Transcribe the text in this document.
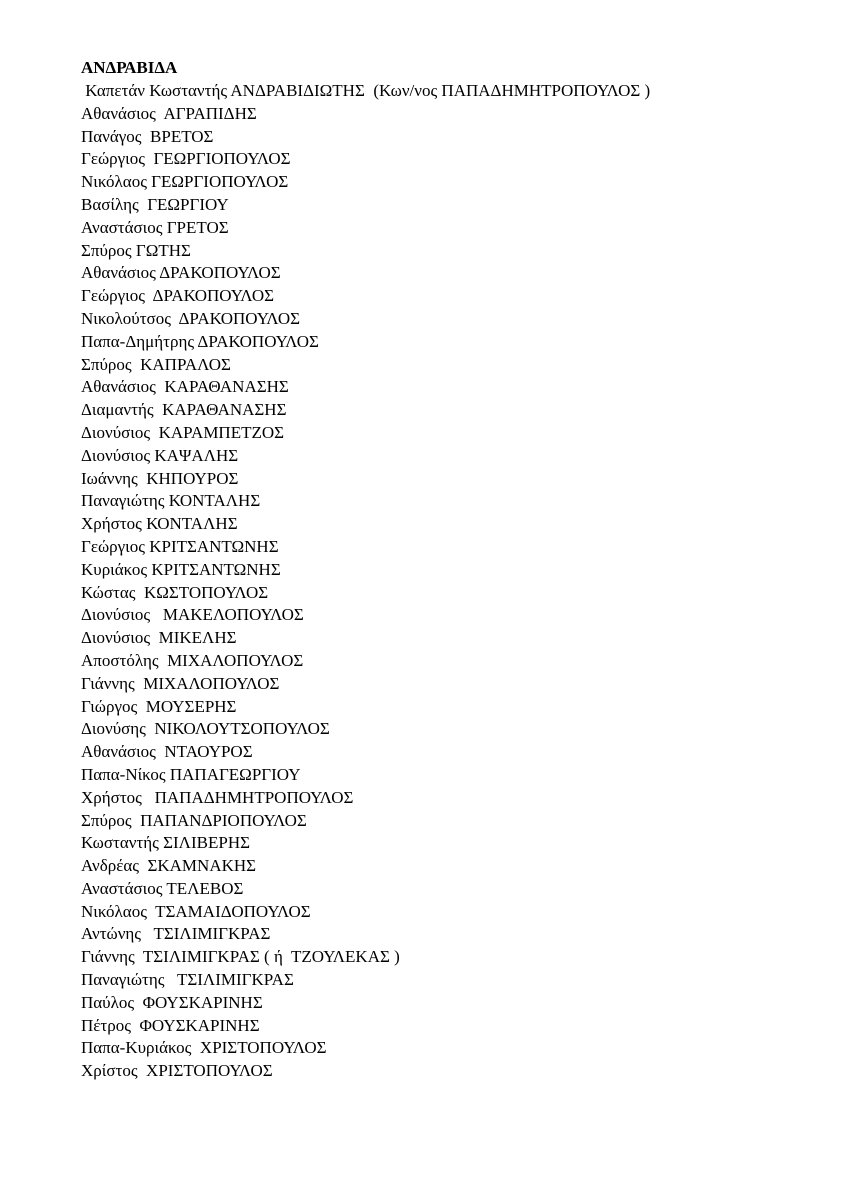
ΑΝΔΡΑΒΙΔΑ
Καπετάν Κωσταντής ΑΝΔΡΑΒΙΔΙΩΤΗΣ  (Κων/νος ΠΑΠΑΔΗΜΗΤΡΟΠΟΥΛΟΣ )
Αθανάσιος  ΑΓΡΑΠΙΔΗΣ
Πανάγος  ΒΡΕΤΟΣ
Γεώργιος  ΓΕΩΡΓΙΟΠΟΥΛΟΣ
Νικόλαος ΓΕΩΡΓΙΟΠΟΥΛΟΣ
Βασίλης  ΓΕΩΡΓΙΟΥ
Αναστάσιος ΓΡΕΤΟΣ
Σπύρος ΓΩΤΗΣ
Αθανάσιος ΔΡΑΚΟΠΟΥΛΟΣ
Γεώργιος  ΔΡΑΚΟΠΟΥΛΟΣ
Νικολούτσος  ΔΡΑΚΟΠΟΥΛΟΣ
Παπα-Δημήτρης ΔΡΑΚΟΠΟΥΛΟΣ
Σπύρος  ΚΑΠΡΑΛΟΣ
Αθανάσιος  ΚΑΡΑΘΑΝΑΣΗΣ
Διαμαντής  ΚΑΡΑΘΑΝΑΣΗΣ
Διονύσιος  ΚΑΡΑΜΠΕΤΖΟΣ
Διονύσιος ΚΑΨΑΛΗΣ
Ιωάννης  ΚΗΠΟΥΡΟΣ
Παναγιώτης ΚΟΝΤΑΛΗΣ
Χρήστος ΚΟΝΤΑΛΗΣ
Γεώργιος ΚΡΙΤΣΑΝΤΩΝΗΣ
Κυριάκος ΚΡΙΤΣΑΝΤΩΝΗΣ
Κώστας  ΚΩΣΤΟΠΟΥΛΟΣ
Διονύσιος   ΜΑΚΕΛΟΠΟΥΛΟΣ
Διονύσιος  ΜΙΚΕΛΗΣ
Αποστόλης  ΜΙΧΑΛΟΠΟΥΛΟΣ
Γιάννης  ΜΙΧΑΛΟΠΟΥΛΟΣ
Γιώργος  ΜΟΥΣΕΡΗΣ
Διονύσης  ΝΙΚΟΛΟΥΤΣΟΠΟΥΛΟΣ
Αθανάσιος  ΝΤΑΟΥΡΟΣ
Παπα-Νίκος ΠΑΠΑΓΕΩΡΓΙΟΥ
Χρήστος   ΠΑΠΑΔΗΜΗΤΡΟΠΟΥΛΟΣ
Σπύρος  ΠΑΠΑΝΔΡΙΟΠΟΥΛΟΣ
Κωσταντής ΣΙΛΙΒΕΡΗΣ
Ανδρέας  ΣΚΑΜΝΑΚΗΣ
Αναστάσιος ΤΕΛΕΒΟΣ
Νικόλαος  ΤΣΑΜΑΙΔΟΠΟΥΛΟΣ
Αντώνης   ΤΣΙΛΙΜΙΓΚΡΑΣ
Γιάννης  ΤΣΙΛΙΜΙΓΚΡΑΣ ( ή  ΤΖΟΥΛΕΚΑΣ )
Παναγιώτης   ΤΣΙΛΙΜΙΓΚΡΑΣ
Παύλος  ΦΟΥΣΚΑΡΙΝΗΣ
Πέτρος  ΦΟΥΣΚΑΡΙΝΗΣ
Παπα-Κυριάκος  ΧΡΙΣΤΟΠΟΥΛΟΣ
Χρίστος  ΧΡΙΣΤΟΠΟΥΛΟΣ
